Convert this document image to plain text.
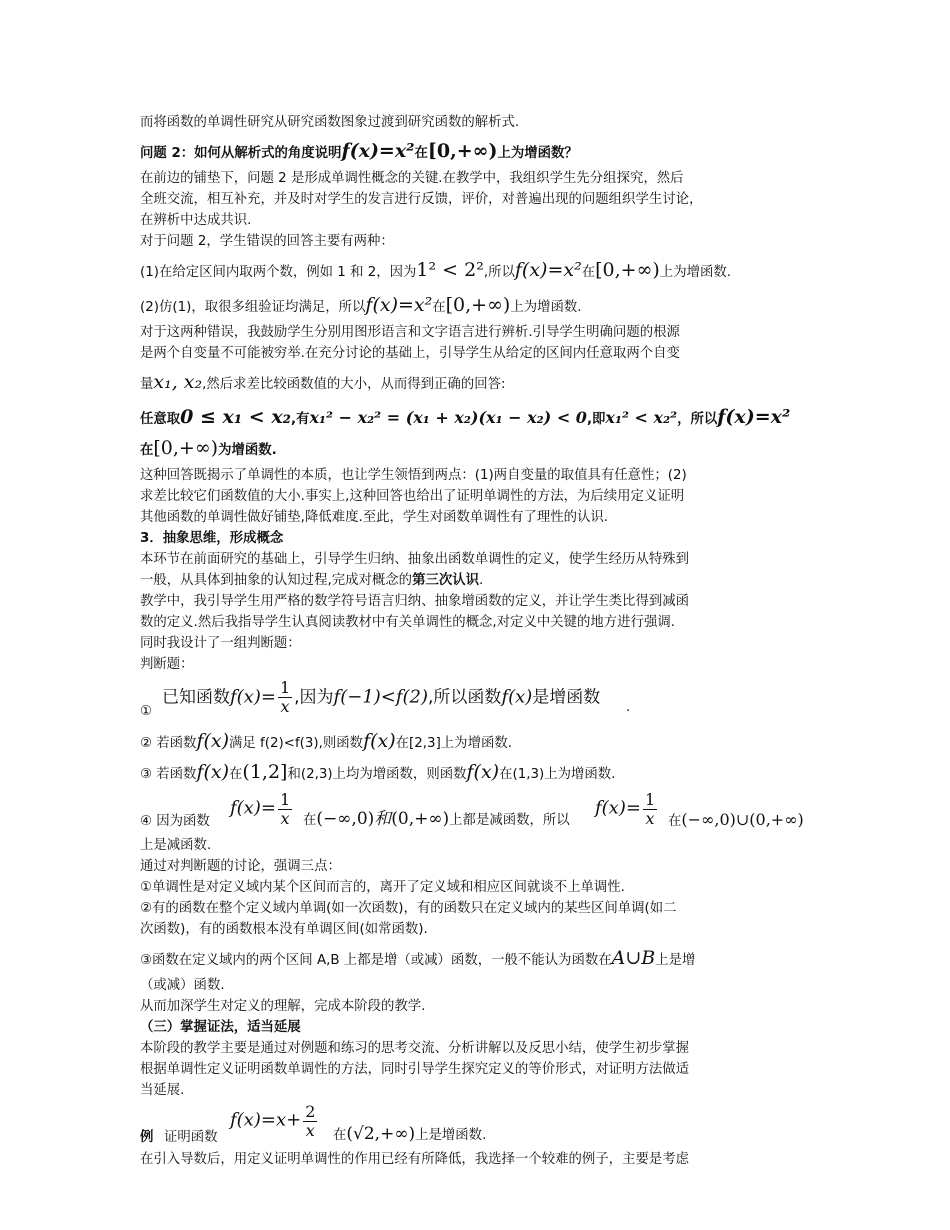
而将函数的单调性研究从研究函数图象过渡到研究函数的解析式.

问题 2：如何从解析式的角度说明f(x)=x²在[0,+∞)上为增函数？

在前边的铺垫下，问题 2 是形成单调性概念的关键.在教学中，我组织学生先分组探究，然后

全班交流，相互补充，并及时对学生的发言进行反馈，评价，对普遍出现的问题组织学生讨论，

在辨析中达成共识.

对于问题 2，学生错误的回答主要有两种：

(1)在给定区间内取两个数，例如 1 和 2，因为1² < 2²,所以f(x)=x²在[0,+∞)上为增函数.

(2)仿(1)，取很多组验证均满足，所以f(x)=x²在[0,+∞)上为增函数.

对于这两种错误，我鼓励学生分别用图形语言和文字语言进行辨析.引导学生明确问题的根源

是两个自变量不可能被穷举.在充分讨论的基础上，引导学生从给定的区间内任意取两个自变

量x₁, x₂,然后求差比较函数值的大小，从而得到正确的回答:

任意取0 ≤ x₁ < x₂,有x₁² − x₂² = (x₁ + x₂)(x₁ − x₂) < 0,即x₁² < x₂²，所以f(x)=x²

在[0,+∞)为增函数.

这种回答既揭示了单调性的本质，也让学生领悟到两点：(1)两自变量的取值具有任意性；(2)

求差比较它们函数值的大小.事实上,这种回答也给出了证明单调性的方法，为后续用定义证明

其他函数的单调性做好铺垫,降低难度.至此，学生对函数单调性有了理性的认识.

3．抽象思维，形成概念

本环节在前面研究的基础上，引导学生归纳、抽象出函数单调性的定义，使学生经历从特殊到

一般，从具体到抽象的认知过程,完成对概念的第三次认识.

教学中，我引导学生用严格的数学符号语言归纳、抽象增函数的定义，并让学生类比得到减函

数的定义.然后我指导学生认真阅读教材中有关单调性的概念,对定义中关键的地方进行强调.

同时我设计了一组判断题：

判断题：

①
已知函数$f(x)= \frac{1}{x}$ ,因为f(−1)<f(2),所以函数f(x)是增函数 .

② 若函数f(x)满足 f(2)<f(3),则函数f(x)在[2,3]上为增函数.

③ 若函数f(x)在(1,2]和(2,3)上均为增函数，则函数f(x)在(1,3)上为增函数.

④ 因为函数
$f(x)= \frac{1}{x}$ 在(−∞,0)和(0,+∞)上都是减函数，所以
$f(x)= \frac{1}{x}$ 在(−∞,0)∪(0,+∞)

上是减函数.

通过对判断题的讨论，强调三点：

①单调性是对定义域内某个区间而言的，离开了定义域和相应区间就谈不上单调性.

②有的函数在整个定义域内单调(如一次函数)，有的函数只在定义域内的某些区间单调(如二

次函数)，有的函数根本没有单调区间(如常函数).

③函数在定义域内的两个区间 A,B 上都是增（或减）函数，一般不能认为函数在A∪B上是增

（或减）函数.

从而加深学生对定义的理解，完成本阶段的教学.

（三）掌握证法，适当延展

本阶段的教学主要是通过对例题和练习的思考交流、分析讲解以及反思小结，使学生初步掌握

根据单调性定义证明函数单调性的方法，同时引导学生探究定义的等价形式，对证明方法做适

当延展.

例 证明函数
$f(x)=x+ \frac{2}{x}$ 在(√2,+∞)上是增函数.

在引入导数后，用定义证明单调性的作用已经有所降低，我选择一个较难的例子，主要是考虑
